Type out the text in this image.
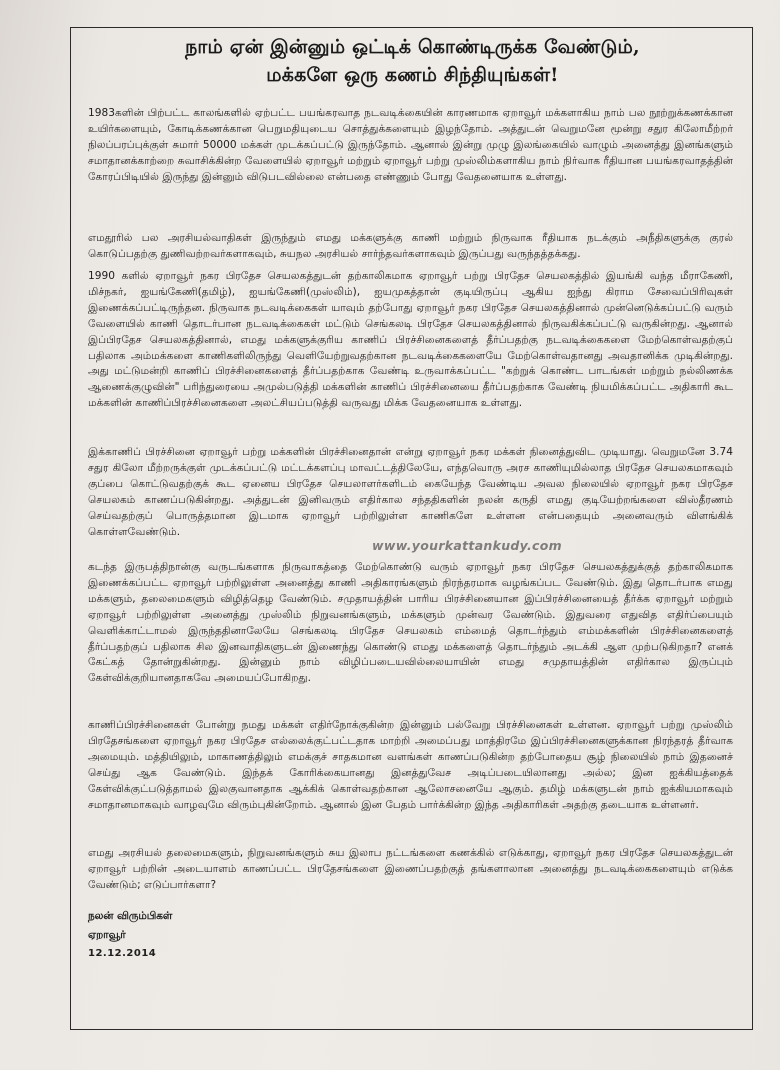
நாம் ஏன் இன்னும் ஒட்டிக் கொண்டிருக்க வேண்டும்,
மக்களே ஒரு கணம் சிந்தியுங்கள்!
1983களின் பிற்பட்ட காலங்களில் ஏற்பட்ட பயங்கரவாத நடவடிக்கையின் காரணமாக ஏறாவூர் மக்களாகிய நாம் பல நூற்றுக்கணக்கான உயிர்களையும், கோடிக்கணக்கான பெறுமதியுடைய சொத்துக்களையும் இழந்தோம். அத்துடன் வெறுமனே மூன்று சதுர கிலோமீற்றர் நிலப்பரப்புக்குள் சுமார் 50000 மக்கள் முடக்கப்பட்டு இருந்தோம். ஆனால் இன்று முழு இலங்கையில் வாழும் அனைத்து இனங்களும் சமாதானக்காற்றை சுவாசிக்கின்ற வேளையில் ஏறாவூர் மற்றும் ஏறாவூர் பற்று முஸ்லிம்களாகிய நாம் நிர்வாக ரீதியான பயங்கரவாதத்தின் கோரப்பிடியில் இருந்து இன்னும் விடுபடவில்லை என்பதை எண்ணும் போது வேதனையாக உள்ளது.
எமதூரில் பல அரசியல்வாதிகள் இருந்தும் எமது மக்களுக்கு காணி மற்றும் நிருவாக ரீதியாக நடக்கும் அநீதிகளுக்கு குரல் கொடுப்பதற்கு துணிவற்றவர்களாகவும், சுயநல அரசியல் சார்ந்தவர்களாகவும் இருப்பது வருந்தத்தக்கது.
1990 களில் ஏறாவூர் நகர பிரதேச செயலகத்துடன் தற்காலிகமாக ஏறாவூர் பற்று பிரதேச செயலகத்தில் இயங்கி வந்த மீராகேணி, மிச்நகர், ஐயங்கேணி(தமிழ்), ஐயங்கேணி(முஸ்லிம்), ஐயமுகத்தான் குடியிருப்பு ஆகிய ஐந்து கிராம சேவைப்பிரிவுகள் இணைக்கப்பட்டிருந்தன. நிருவாக நடவடிக்கைகள் யாவும் தற்போது ஏறாவூர் நகர பிரதேச செயலகத்தினால் முன்னெடுக்கப்பட்டு வரும் வேளையில் காணி தொடர்பான நடவடிக்கைகள் மட்டும் செங்கலடி பிரதேச செயலகத்தினால் நிருவகிக்கப்பட்டு வருகின்றது. ஆனால் இப்பிரதேச செயலகத்தினால், எமது மக்களுக்குரிய காணிப் பிரச்சினைகளைத் தீர்ப்பதற்கு நடவடிக்கைகளை மேற்கொள்வதற்குப் பதிலாக அம்மக்களை காணிகளிலிருந்து வெளியேற்றுவதற்கான நடவடிக்கைகளையே மேற்கொள்வதானது அவதானிக்க முடிகின்றது. அது மட்டுமன்றி காணிப் பிரச்சினைகளைத் தீர்ப்பதற்காக வேண்டி உருவாக்கப்பட்ட "கற்றுக் கொண்ட பாடங்கள் மற்றும் நல்லிணக்க ஆணைக்குழுவின்" பரிந்துரையை அமுல்படுத்தி மக்களின் காணிப் பிரச்சினையை தீர்ப்பதற்காக வேண்டி நியமிக்கப்பட்ட அதிகாரி கூட மக்களின் காணிப்பிரச்சினைகளை அலட்சியப்படுத்தி வருவது மிக்க வேதனையாக உள்ளது.
இக்காணிப் பிரச்சினை ஏறாவூர் பற்று மக்களின் பிரச்சினைதான் என்று ஏறாவூர் நகர மக்கள் நினைத்துவிட முடியாது. வெறுமனே 3.74 சதுர கிலோ மீற்றருக்குள் முடக்கப்பட்டு மட்டக்களப்பு மாவட்டத்திலேயே, எந்தவொரு அரச காணியுமில்லாத பிரதேச செயலகமாகவும் குப்பை கொட்டுவதற்குக் கூட ஏனைய பிரதேச செயலாளர்களிடம் கையேந்த வேண்டிய அவல நிலையில் ஏறாவூர் நகர பிரதேச செயலகம் காணப்படுகின்றது. அத்துடன் இனிவரும் எதிர்கால சந்ததிகளின் நலன் கருதி எமது குடியேற்றங்களை விஸ்தீரணம் செய்வதற்குப் பொருத்தமான இடமாக ஏறாவூர் பற்றிலுள்ள காணிகளே உள்ளன என்பதையும் அனைவரும் விளங்கிக் கொள்ளவேண்டும்.
கடந்த இருபத்திநான்கு வருடங்களாக நிருவாகத்தை மேற்கொண்டு வரும் ஏறாவூர் நகர பிரதேச செயலகத்துக்குத் தற்காலிகமாக இணைக்கப்பட்ட ஏறாவூர் பற்றிலுள்ள அனைத்து காணி அதிகாரங்களும் நிரந்தரமாக வழங்கப்பட வேண்டும். இது தொடர்பாக எமது மக்களும், தலைமைகளும் விழித்தெழ வேண்டும். சமுதாயத்தின் பாரிய பிரச்சினையான இப்பிரச்சினையைத் தீர்க்க ஏறாவூர் மற்றும் ஏறாவூர் பற்றிலுள்ள அனைத்து முஸ்லிம் நிறுவனங்களும், மக்களும் முன்வர வேண்டும். இதுவரை எதுவித எதிர்ப்பையும் வெளிக்காட்டாமல் இருந்ததினாலேயே செங்கலடி பிரதேச செயலகம் எம்மைத் தொடர்ந்தும் எம்மக்களின் பிரச்சினைகளைத் தீர்ப்பதற்குப் பதிலாக சில இனவாதிகளுடன் இணைந்து கொண்டு எமது மக்களைத் தொடர்ந்தும் அடக்கி ஆள முற்படுகிறதா? எனக் கேட்கத் தோன்றுகின்றது. இன்னும் நாம் விழிப்படையவில்லையாயின் எமது சமுதாயத்தின் எதிர்கால இருப்பும் கேள்விக்குறியானதாகவே அமையப்போகிறது.
காணிப்பிரச்சினைகள் போன்று நமது மக்கள் எதிர்நோக்குகின்ற இன்னும் பல்வேறு பிரச்சினைகள் உள்ளன. ஏறாவூர் பற்று முஸ்லிம் பிரதேசங்களை ஏறாவூர் நகர பிரதேச எல்லைக்குட்பட்டதாக மாற்றி அமைப்பது மாத்திரமே இப்பிரச்சினைகளுக்கான நிரந்தரத் தீர்வாக அமையும். மத்தியிலும், மாகாணத்திலும் எமக்குச் சாதகமான வளங்கள் காணப்படுகின்ற தற்போதைய சூழ் நிலையில் நாம் இதனைச் செய்து ஆக வேண்டும். இந்தக் கோரிக்கையானது இனத்துவேச அடிப்படையிலானது அல்ல; இன ஐக்கியத்தைக் கேள்விக்குட்படுத்தாமல் இலகுவானதாக ஆக்கிக் கொள்வதற்கான ஆலோசனையே ஆகும். தமிழ் மக்களுடன் நாம் ஐக்கியமாகவும் சமாதானமாகவும் வாழவுமே விரும்புகின்றோம். ஆனால் இன பேதம் பார்க்கின்ற இந்த அதிகாரிகள் அதற்கு தடையாக உள்ளனர்.
எமது அரசியல் தலைமைகளும், நிறுவனங்களும் சுய இலாப நட்டங்களை கணக்கில் எடுக்காது, ஏறாவூர் நகர பிரதேச செயலகத்துடன் ஏறாவூர் பற்றின் அடையாளம் காணப்பட்ட பிரதேசங்களை இணைப்பதற்குத் தங்களாலான அனைத்து நடவடிக்கைகளையும் எடுக்க வேண்டும்; எடுப்பார்களா?
www.yourkattankudy.com
நலன் விரும்பிகள்
ஏறாவூர்
12.12.2014
